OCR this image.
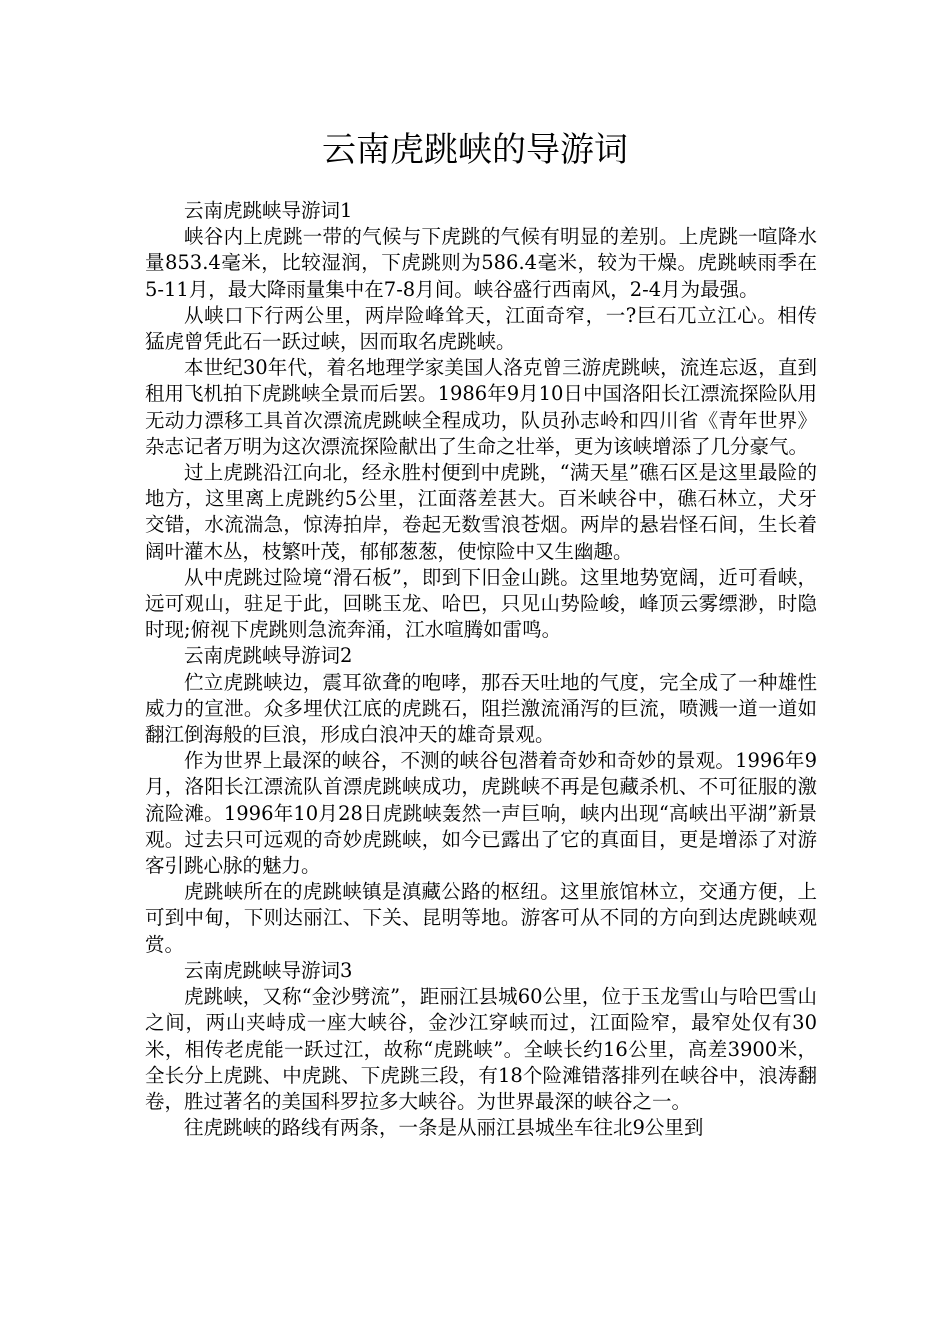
云南虎跳峡的导游词

云南虎跳峡导游词1

峡谷内上虎跳一带的气候与下虎跳的气候有明显的差别。上虎跳一喧降水量853.4毫米，比较湿润，下虎跳则为586.4毫米，较为干燥。虎跳峡雨季在5-11月，最大降雨量集中在7-8月间。峡谷盛行西南风，2-4月为最强。

从峡口下行两公里，两岸险峰耸天，江面奇窄，一?巨石兀立江心。相传猛虎曾凭此石一跃过峡，因而取名虎跳峡。

本世纪30年代，着名地理学家美国人洛克曾三游虎跳峡，流连忘返，直到租用飞机拍下虎跳峡全景而后罢。1986年9月10日中国洛阳长江漂流探险队用无动力漂移工具首次漂流虎跳峡全程成功，队员孙志岭和四川省《青年世界》杂志记者万明为这次漂流探险献出了生命之壮举，更为该峡增添了几分豪气。

过上虎跳沿江向北，经永胜村便到中虎跳，“满天星”礁石区是这里最险的地方，这里离上虎跳约5公里，江面落差甚大。百米峡谷中，礁石林立，犬牙交错，水流湍急，惊涛拍岸，卷起无数雪浪苍烟。两岸的悬岩怪石间，生长着阔叶灌木丛，枝繁叶茂，郁郁葱葱，使惊险中又生幽趣。

从中虎跳过险境“滑石板”，即到下旧金山跳。这里地势宽阔，近可看峡，远可观山，驻足于此，回眺玉龙、哈巴，只见山势险峻，峰顶云雾缥渺，时隐时现;俯视下虎跳则急流奔涌，江水喧腾如雷鸣。

云南虎跳峡导游词2

伫立虎跳峡边，震耳欲聋的咆哮，那吞天吐地的气度，完全成了一种雄性威力的宣泄。众多埋伏江底的虎跳石，阻拦激流涌泻的巨流，喷溅一道一道如翻江倒海般的巨浪，形成白浪冲天的雄奇景观。

作为世界上最深的峡谷，不测的峡谷包潜着奇妙和奇妙的景观。1996年9月，洛阳长江漂流队首漂虎跳峡成功，虎跳峡不再是包藏杀机、不可征服的激流险滩。1996年10月28日虎跳峡轰然一声巨响，峡内出现“高峡出平湖”新景观。过去只可远观的奇妙虎跳峡，如今已露出了它的真面目，更是增添了对游客引跳心脉的魅力。

虎跳峡所在的虎跳峡镇是滇藏公路的枢纽。这里旅馆林立，交通方便，上可到中甸，下则达丽江、下关、昆明等地。游客可从不同的方向到达虎跳峡观赏。

云南虎跳峡导游词3

虎跳峡，又称“金沙劈流”，距丽江县城60公里，位于玉龙雪山与哈巴雪山之间，两山夹峙成一座大峡谷，金沙江穿峡而过，江面险窄，最窄处仅有30米，相传老虎能一跃过江，故称“虎跳峡”。全峡长约16公里，高差3900米，全长分上虎跳、中虎跳、下虎跳三段，有18个险滩错落排列在峡谷中，浪涛翻卷，胜过著名的美国科罗拉多大峡谷。为世界最深的峡谷之一。

往虎跳峡的路线有两条，一条是从丽江县城坐车往北9公里到
